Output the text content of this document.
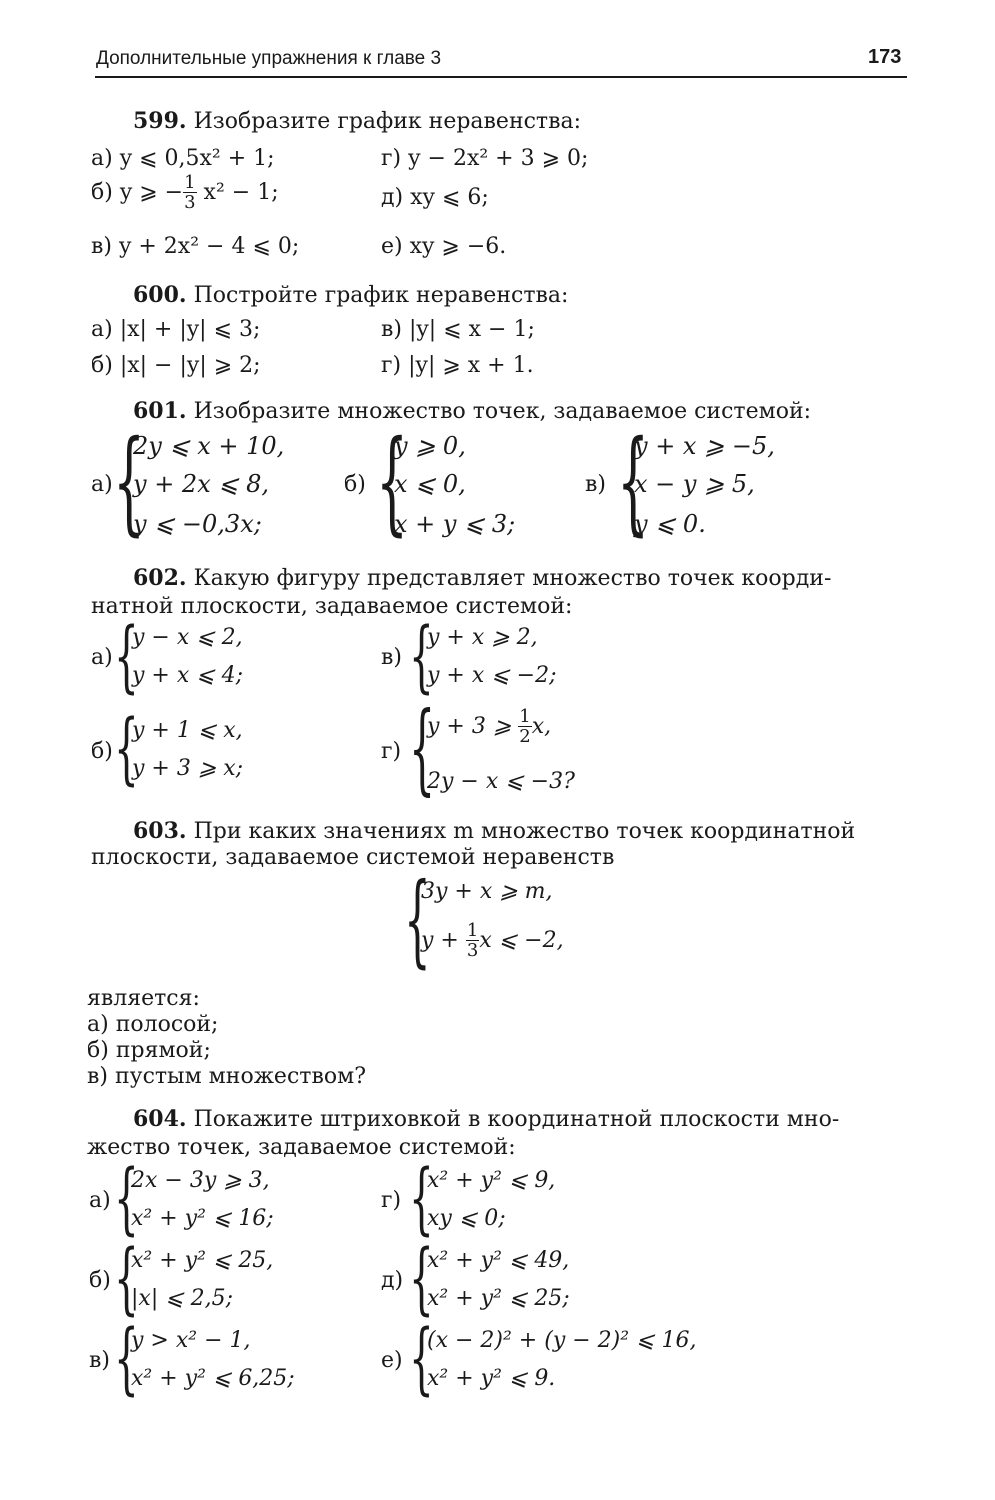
Дополнительные упражнения к главе 3	173
599. Изобразите график неравенства:
а) y ⩽ 0,5x² + 1;	г) y − 2x² + 3 ⩾ 0;
б) y ⩾ − $\frac{1}{3} x^2 - 1$;	д) xy ⩽ 6;
в) y + 2x² − 4 ⩽ 0;	е) xy ⩾ −6.
600. Постройте график неравенства:
а) |x| + |y| ⩽ 3;	в) |y| ⩽ x − 1;
б) |x| − |y| ⩾ 2;	г) |y| ⩾ x + 1.
601. Изобразите множество точек, задаваемое системой:
а) {
2y ⩽ x + 10,
y + 2x ⩽ 8,
y ⩽ −0,3x;
б) {
y ⩾ 0,
x ⩽ 0,
x + y ⩽ 3;
в) {
y + x ⩾ −5,
x − y ⩾ 5,
y ⩽ 0.
602. Какую фигуру представляет множество точек коорди-
натной плоскости, задаваемое системой:
а) {
y − x ⩽ 2,
y + x ⩽ 4;
в) {
y + x ⩾ 2,
y + x ⩽ −2;
б) {
y + 1 ⩽ x,
y + 3 ⩾ x;
г) {
y + 3 ⩾ $\frac{1}{2} x$,
2y − x ⩽ −3?
603. При каких значениях m множество точек координатной
плоскости, задаваемое системой неравенств
{
3y + x ⩾ m,
$y + \frac{1}{3}$ x ⩽ −2,
является:
а) полосой;
б) прямой;
в) пустым множеством?
604. Покажите штриховкой в координатной плоскости мно-
жество точек, задаваемое системой:
а) {
2x − 3y ⩾ 3,
x² + y² ⩽ 16;
г) {
x² + y² ⩽ 9,
xy ⩽ 0;
б) {
x² + y² ⩽ 25,
|x| ⩽ 2,5;
д) {
x² + y² ⩽ 49,
x² + y² ⩽ 25;
в) {
y > x² − 1,
x² + y² ⩽ 6,25;
е) {
(x − 2)² + (y − 2)² ⩽ 16,
x² + y² ⩽ 9.
